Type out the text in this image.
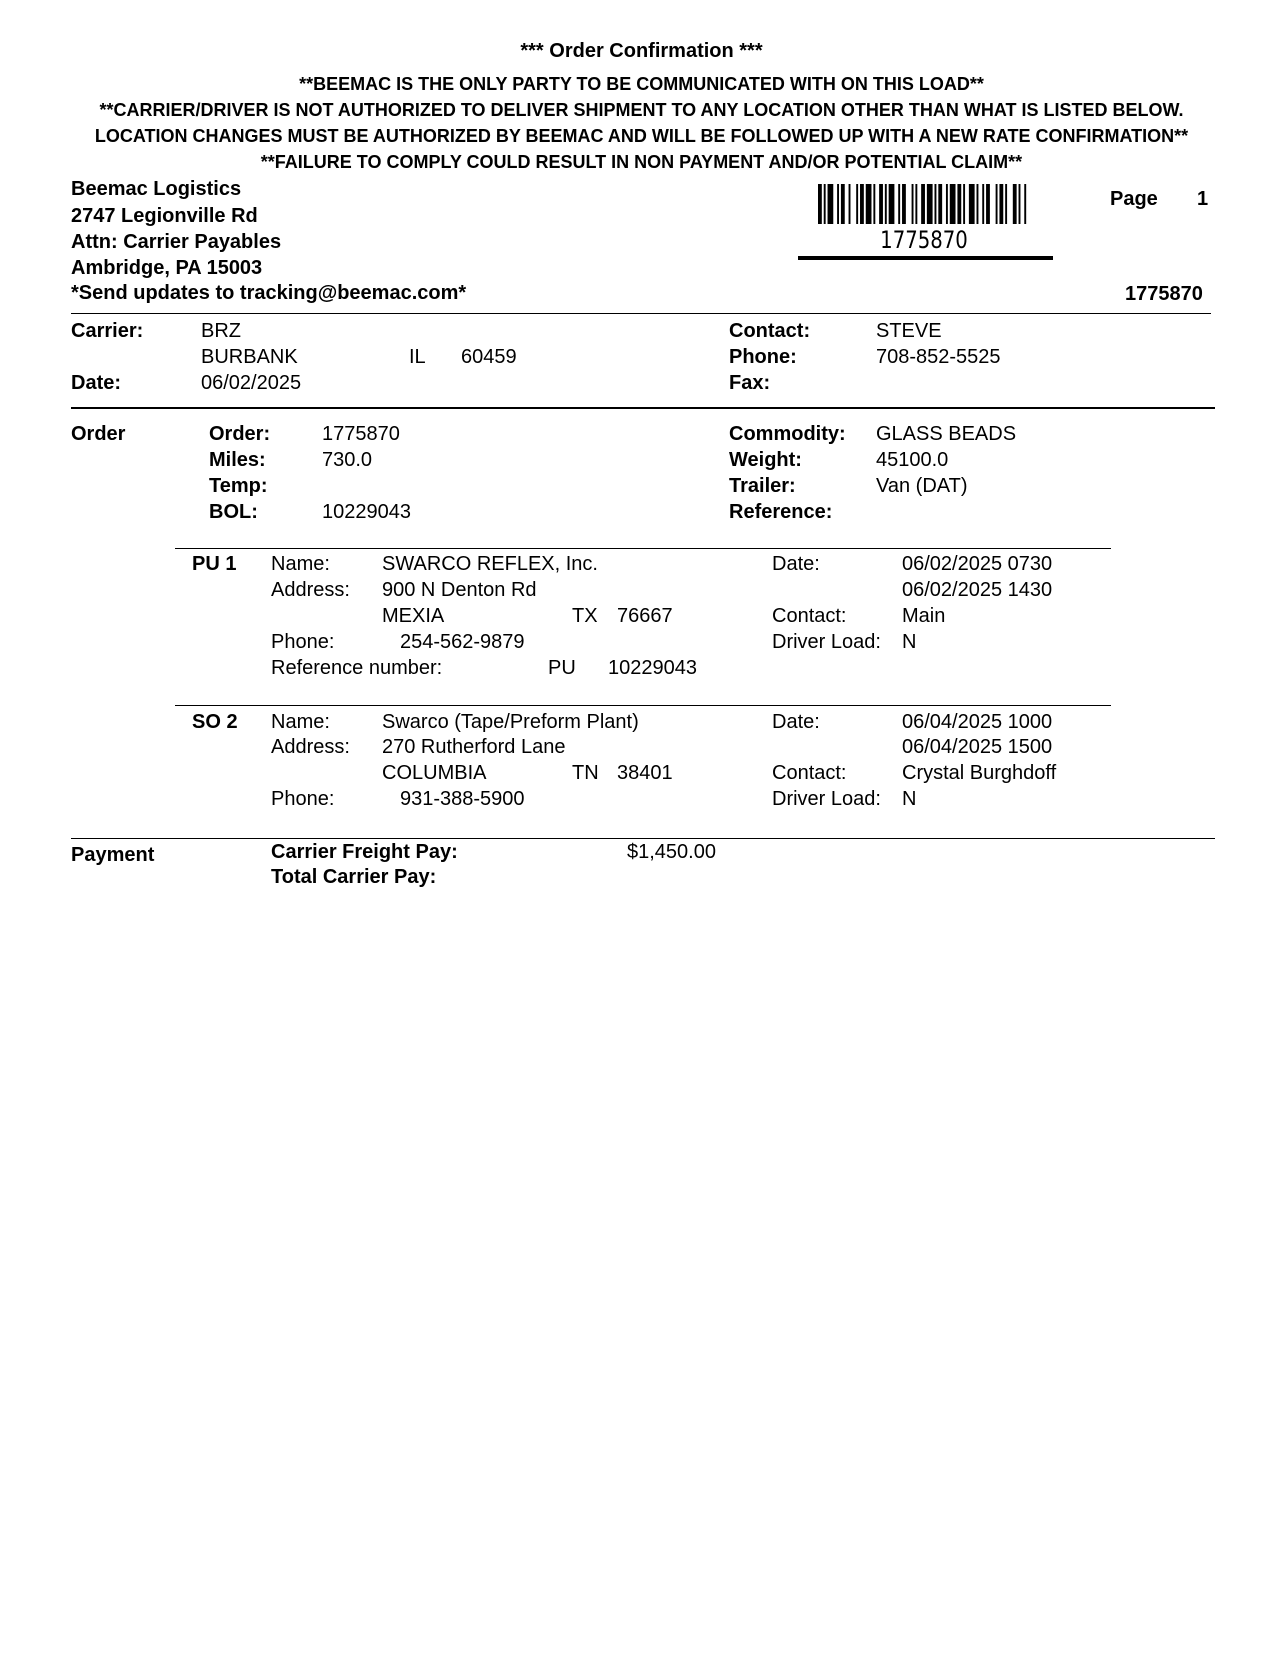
*** Order Confirmation ***
**BEEMAC IS THE ONLY PARTY TO BE COMMUNICATED WITH ON THIS LOAD**
**CARRIER/DRIVER IS NOT AUTHORIZED TO DELIVER SHIPMENT TO ANY LOCATION OTHER THAN WHAT IS LISTED BELOW.
LOCATION CHANGES MUST BE AUTHORIZED BY BEEMAC AND WILL BE FOLLOWED UP WITH A NEW RATE CONFIRMATION**
**FAILURE TO COMPLY COULD RESULT IN NON PAYMENT AND/OR POTENTIAL CLAIM**
Beemac Logistics
2747 Legionville Rd
Attn: Carrier Payables
Ambridge, PA 15003
*Send updates to tracking@beemac.com*
1775870
Page 1
1775870
Carrier:	BRZ
BURBANK	IL 60459
Date:	06/02/2025
Contact:	STEVE
Phone:	708-852-5525
Fax:
Order	Order:	1775870
Miles:	730.0
Temp:
BOL:	10229043
Commodity: GLASS BEADS
Weight:	45100.0
Trailer:	Van (DAT)
Reference:
PU 1 Name:	SWARCO REFLEX, Inc.
Address: 900 N Denton Rd
MEXIA	TX 76667
Phone:	254-562-9879
Reference number:	PU 10229043
Date:	06/02/2025 0730
06/02/2025 1430
Contact:	Main
Driver Load: N
SO 2 Name:	Swarco (Tape/Preform Plant)
Address: 270 Rutherford Lane
COLUMBIA	TN 38401
Phone:	931-388-5900
Date:	06/04/2025 1000
06/04/2025 1500
Contact:	Crystal Burghdoff
Driver Load: N
Payment	Carrier Freight Pay:	$1,450.00
Total Carrier Pay:
